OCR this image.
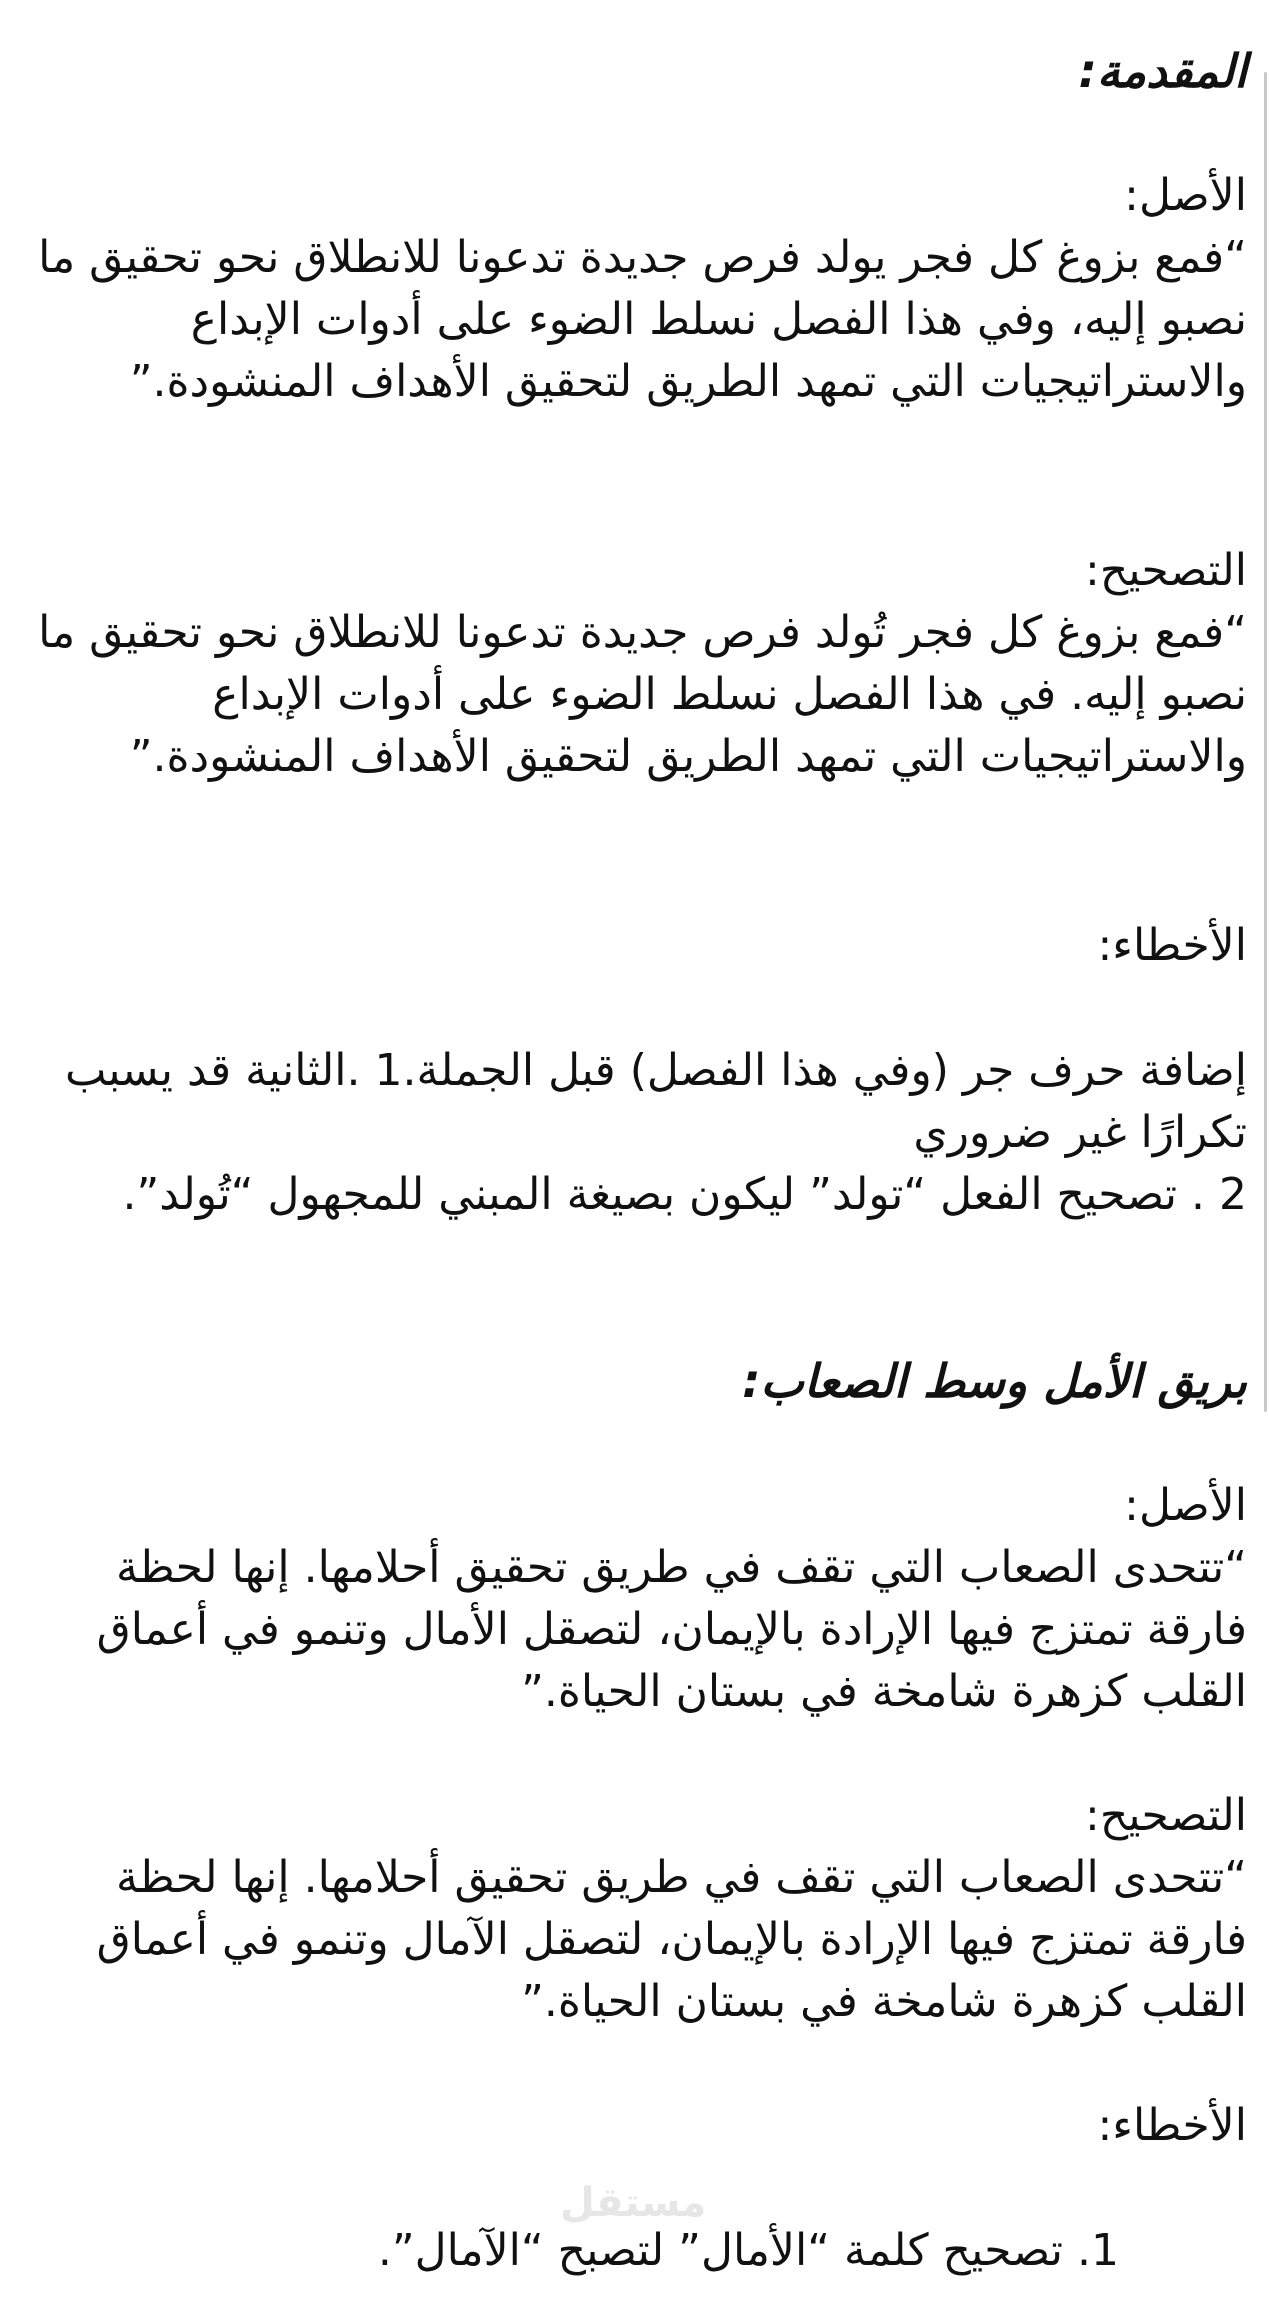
المقدمة:

الأصل:

“فمع بزوغ كل فجر يولد فرص جديدة تدعونا للانطلاق نحو تحقيق ما نصبو إليه، وفي هذا الفصل نسلط الضوء على أدوات الإبداع والاستراتيجيات التي تمهد الطريق لتحقيق الأهداف المنشودة.”

التصحيح:

“فمع بزوغ كل فجر تُولد فرص جديدة تدعونا للانطلاق نحو تحقيق ما نصبو إليه. في هذا الفصل نسلط الضوء على أدوات الإبداع والاستراتيجيات التي تمهد الطريق لتحقيق الأهداف المنشودة.”

الأخطاء:

إضافة حرف جر (وفي هذا الفصل) قبل الجملة.1 .الثانية قد يسبب تكرارًا غير ضروري

2 . تصحيح الفعل “تولد” ليكون بصيغة المبني للمجهول “تُولد”.

بريق الأمل وسط الصعاب:

الأصل:

“تتحدى الصعاب التي تقف في طريق تحقيق أحلامها. إنها لحظة فارقة تمتزج فيها الإرادة بالإيمان، لتصقل الأمال وتنمو في أعماق القلب كزهرة شامخة في بستان الحياة.”

التصحيح:

“تتحدى الصعاب التي تقف في طريق تحقيق أحلامها. إنها لحظة فارقة تمتزج فيها الإرادة بالإيمان، لتصقل الآمال وتنمو في أعماق القلب كزهرة شامخة في بستان الحياة.”

الأخطاء:

1. تصحيح كلمة “الأمال” لتصبح “الآمال”.

مستقل
